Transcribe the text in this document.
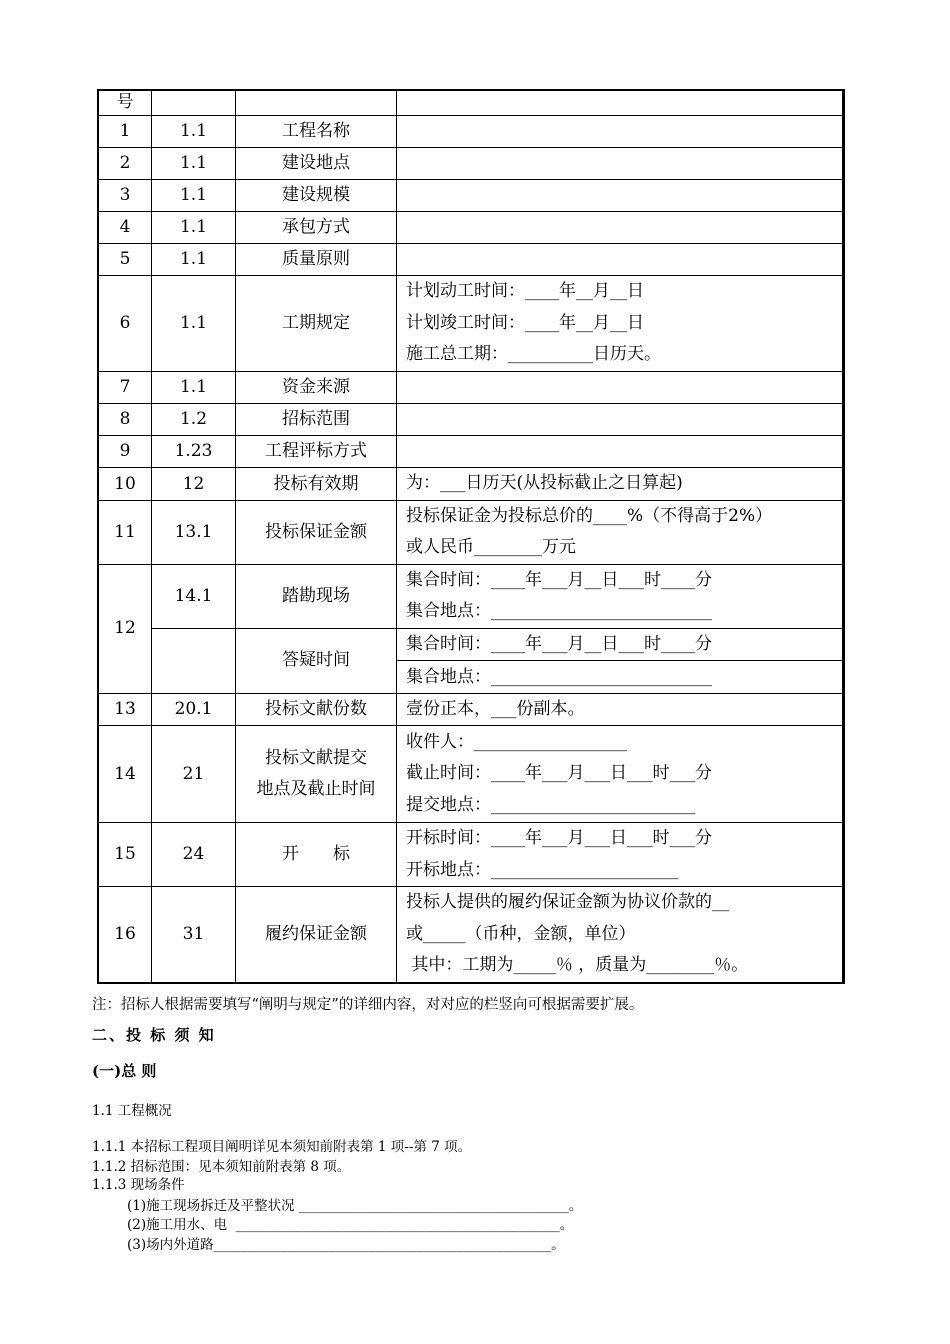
号			
1	1.1	工程名称	
2	1.1	建设地点	
3	1.1	建设规模	
4	1.1	承包方式	
5	1.1	质量原则	
6	1.1	工期规定	计划动工时间：____年__月__日
计划竣工时间：____年__月__日
施工总工期：__________日历天。

7	1.1	资金来源	
8	1.2	招标范围	
9	1.23	工程评标方式	
10	12	投标有效期	为：___日历天(从投标截止之日算起)

11	13.1	投标保证金额	投标保证金为投标总价的____%（不得高于2%）
或人民币________万元

12	14.1	踏勘现场	集合时间：____年___月__日___时____分
集合地点：__________________________

		答疑时间	集合时间：____年___月__日___时____分
集合地点：__________________________

13	20.1	投标文献份数	壹份正本，___份副本。

14	21	投标文献提交
地点及截止时间	收件人：__________________
截止时间：____年___月___日___时___分
提交地点：________________________

15	24	开　　标	开标时间：____年___月___日___时___分
开标地点：______________________

16	31	履约保证金额	投标人提供的履约保证金额为协议价款的__
或_____（币种，金额，单位）
其中：工期为_____％ ，质量为________％。
注：招标人根据需要填写“阐明与规定”的详细内容，对对应的栏竖向可根据需要扩展。
二、投 标 须 知
(一)总 则
1.1 工程概况
1.1.1 本招标工程项目阐明详见本须知前附表第 1 项--第 7 项。
1.1.2 招标范围：见本须知前附表第 8 项。
1.1.3 现场条件
(1)施工现场拆迁及平整状况 ________________________________________。
(2)施工用水、电  ________________________________________________。
(3)场内外道路__________________________________________________。
